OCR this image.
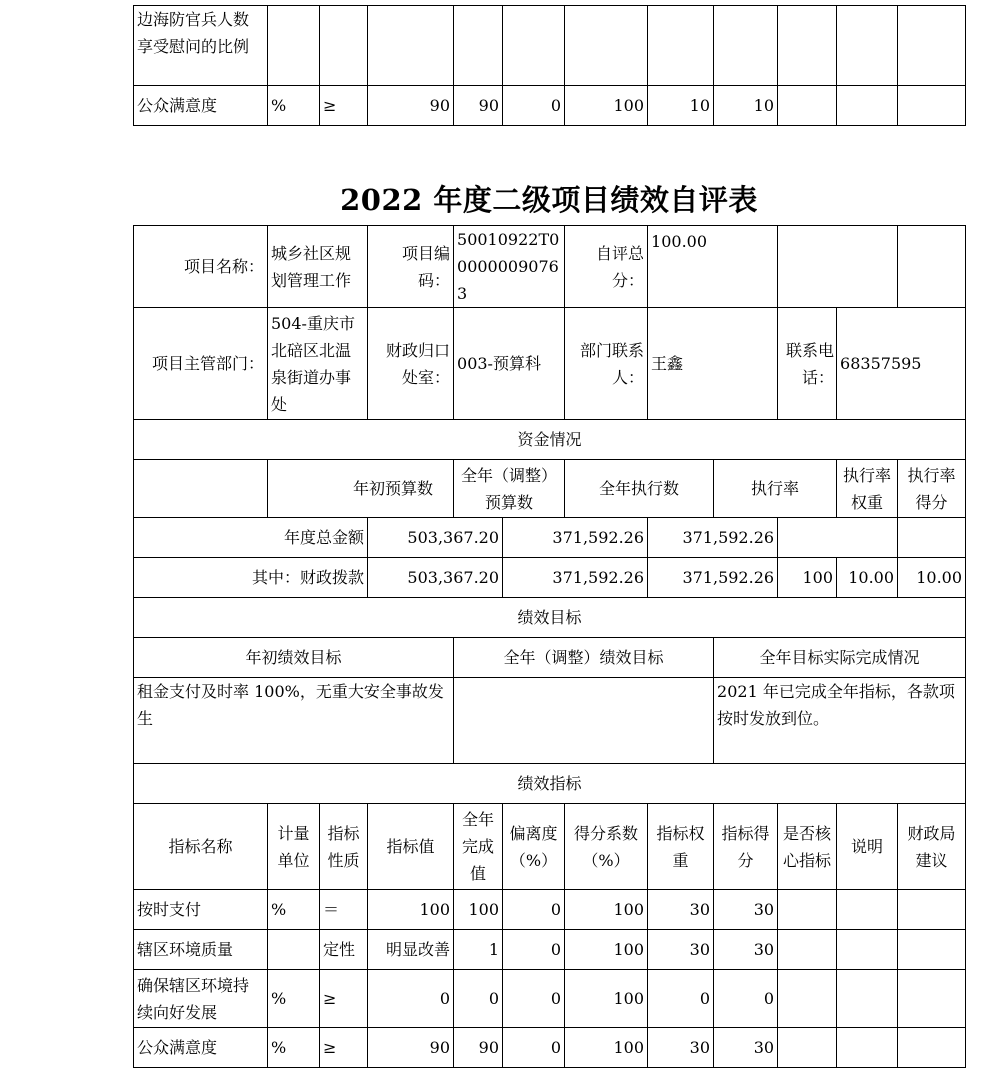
边海防官兵人数享受慰问的比例											
公众满意度	%	≥	90	90	0	100	10	10			
2022 年度二级项目绩效自评表
项目名称：	城乡社区规划管理工作		项目编码：	50010922T000000090763		自评总分：	100.00				
项目主管部门：	504-重庆市北碚区北温泉街道办事处		财政归口处室：	003-预算科		部门联系人：	王鑫		联系电话：	68357595	
资金情况											
	年初预算数			全年（调整）预算数		全年执行数		执行率		执行率权重	执行率得分
年度总金额			503,367.20		371,592.26		371,592.26				
其中：财政拨款			503,367.20		371,592.26		371,592.26		100	10.00	10.00
绩效目标											
年初绩效目标				全年（调整）绩效目标				全年目标实际完成情况			
租金支付及时率 100%，无重大安全事故发生								2021 年已完成全年指标，各款项按时发放到位。			
绩效指标											
指标名称	计量单位	指标性质	指标值	全年完成值	偏离度（%）	得分系数（%）	指标权重	指标得分	是否核心指标	说明	财政局建议
按时支付	%	＝	100	100	0	100	30	30			
辖区环境质量		定性	明显改善	1	0	100	30	30			
确保辖区环境持续向好发展	%	≥	0	0	0	100	0	0			
公众满意度	%	≥	90	90	0	100	30	30			
